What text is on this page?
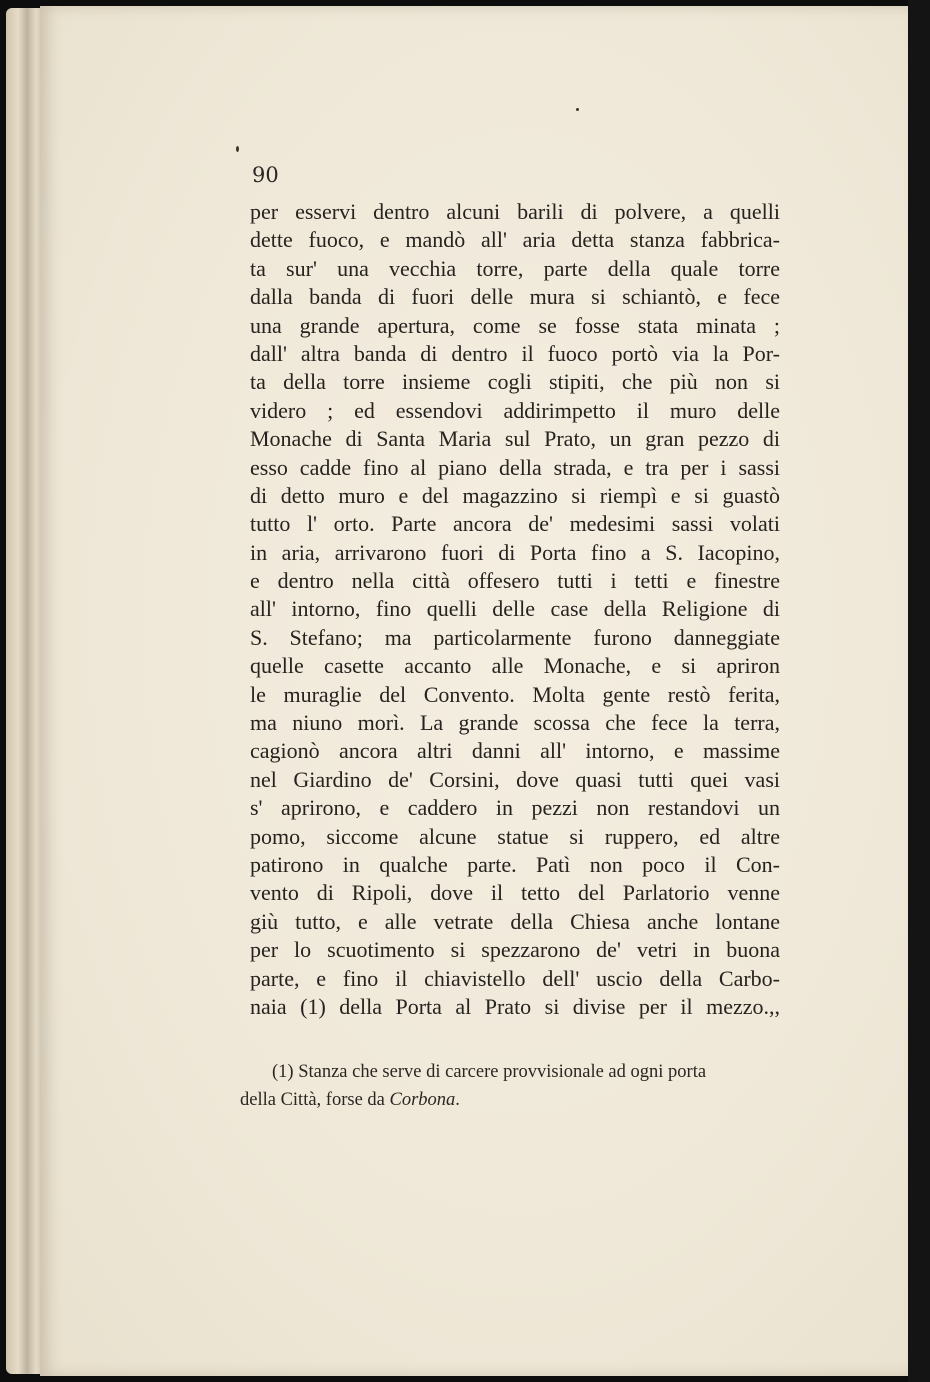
90

per esservi dentro alcuni barili di polvere, a quelli
dette fuoco, e mandò all' aria detta stanza fabbrica-
ta sur' una vecchia torre, parte della quale torre
dalla banda di fuori delle mura si schiantò, e fece
una grande apertura, come se fosse stata minata ;
dall' altra banda di dentro il fuoco portò via la Por-
ta della torre insieme cogli stipiti, che più non si
videro ; ed essendovi addirimpetto il muro delle
Monache di Santa Maria sul Prato, un gran pezzo di
esso cadde fino al piano della strada, e tra per i sassi
di detto muro e del magazzino si riempì e si guastò
tutto l' orto. Parte ancora de' medesimi sassi volati
in aria, arrivarono fuori di Porta fino a S. Iacopino,
e dentro nella città offesero tutti i tetti e finestre
all' intorno, fino quelli delle case della Religione di
S. Stefano; ma particolarmente furono danneggiate
quelle casette accanto alle Monache, e si apriron
le muraglie del Convento. Molta gente restò ferita,
ma niuno morì. La grande scossa che fece la terra,
cagionò ancora altri danni all' intorno, e massime
nel Giardino de' Corsini, dove quasi tutti quei vasi
s' aprirono, e caddero in pezzi non restandovi un
pomo, siccome alcune statue si ruppero, ed altre
patirono in qualche parte. Patì non poco il Con-
vento di Ripoli, dove il tetto del Parlatorio venne
giù tutto, e alle vetrate della Chiesa anche lontane
per lo scuotimento si spezzarono de' vetri in buona
parte, e fino il chiavistello dell' uscio della Carbo-
naia (1) della Porta al Prato si divise per il mezzo.,,
(1) Stanza che serve di carcere provvisionale ad ogni porta
della Città, forse da Corbona.
